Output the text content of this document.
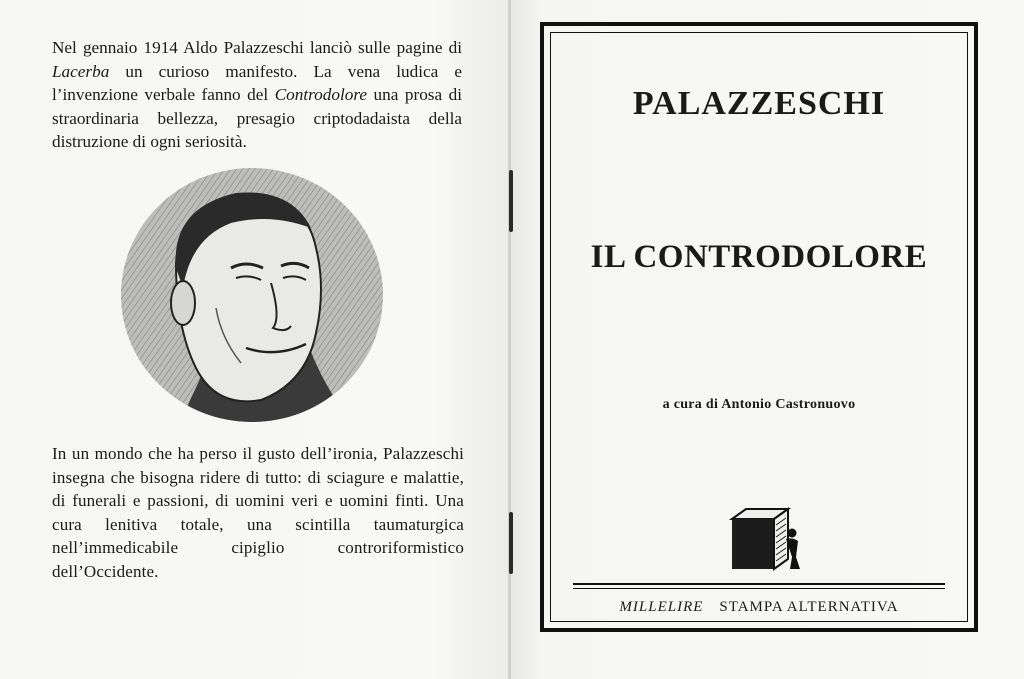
Nel gennaio 1914 Aldo Palazzeschi lanciò sulle pagine di Lacerba un curioso manifesto. La vena ludica e l’invenzione verbale fanno del Controdolore una prosa di straordinaria bellezza, presagio criptodadaista della distruzione di ogni seriosità.

In un mondo che ha perso il gusto dell’ironia, Palazzeschi insegna che bisogna ridere di tutto: di sciagure e malattie, di funerali e passioni, di uomini veri e uomini finti. Una cura lenitiva totale, una scintilla taumaturgica nell’immedicabile cipiglio controriformistico dell’Occidente.

PALAZZESCHI
IL CONTRODOLORE
a cura di Antonio Castronuovo
MILLELIRE STAMPA ALTERNATIVA
